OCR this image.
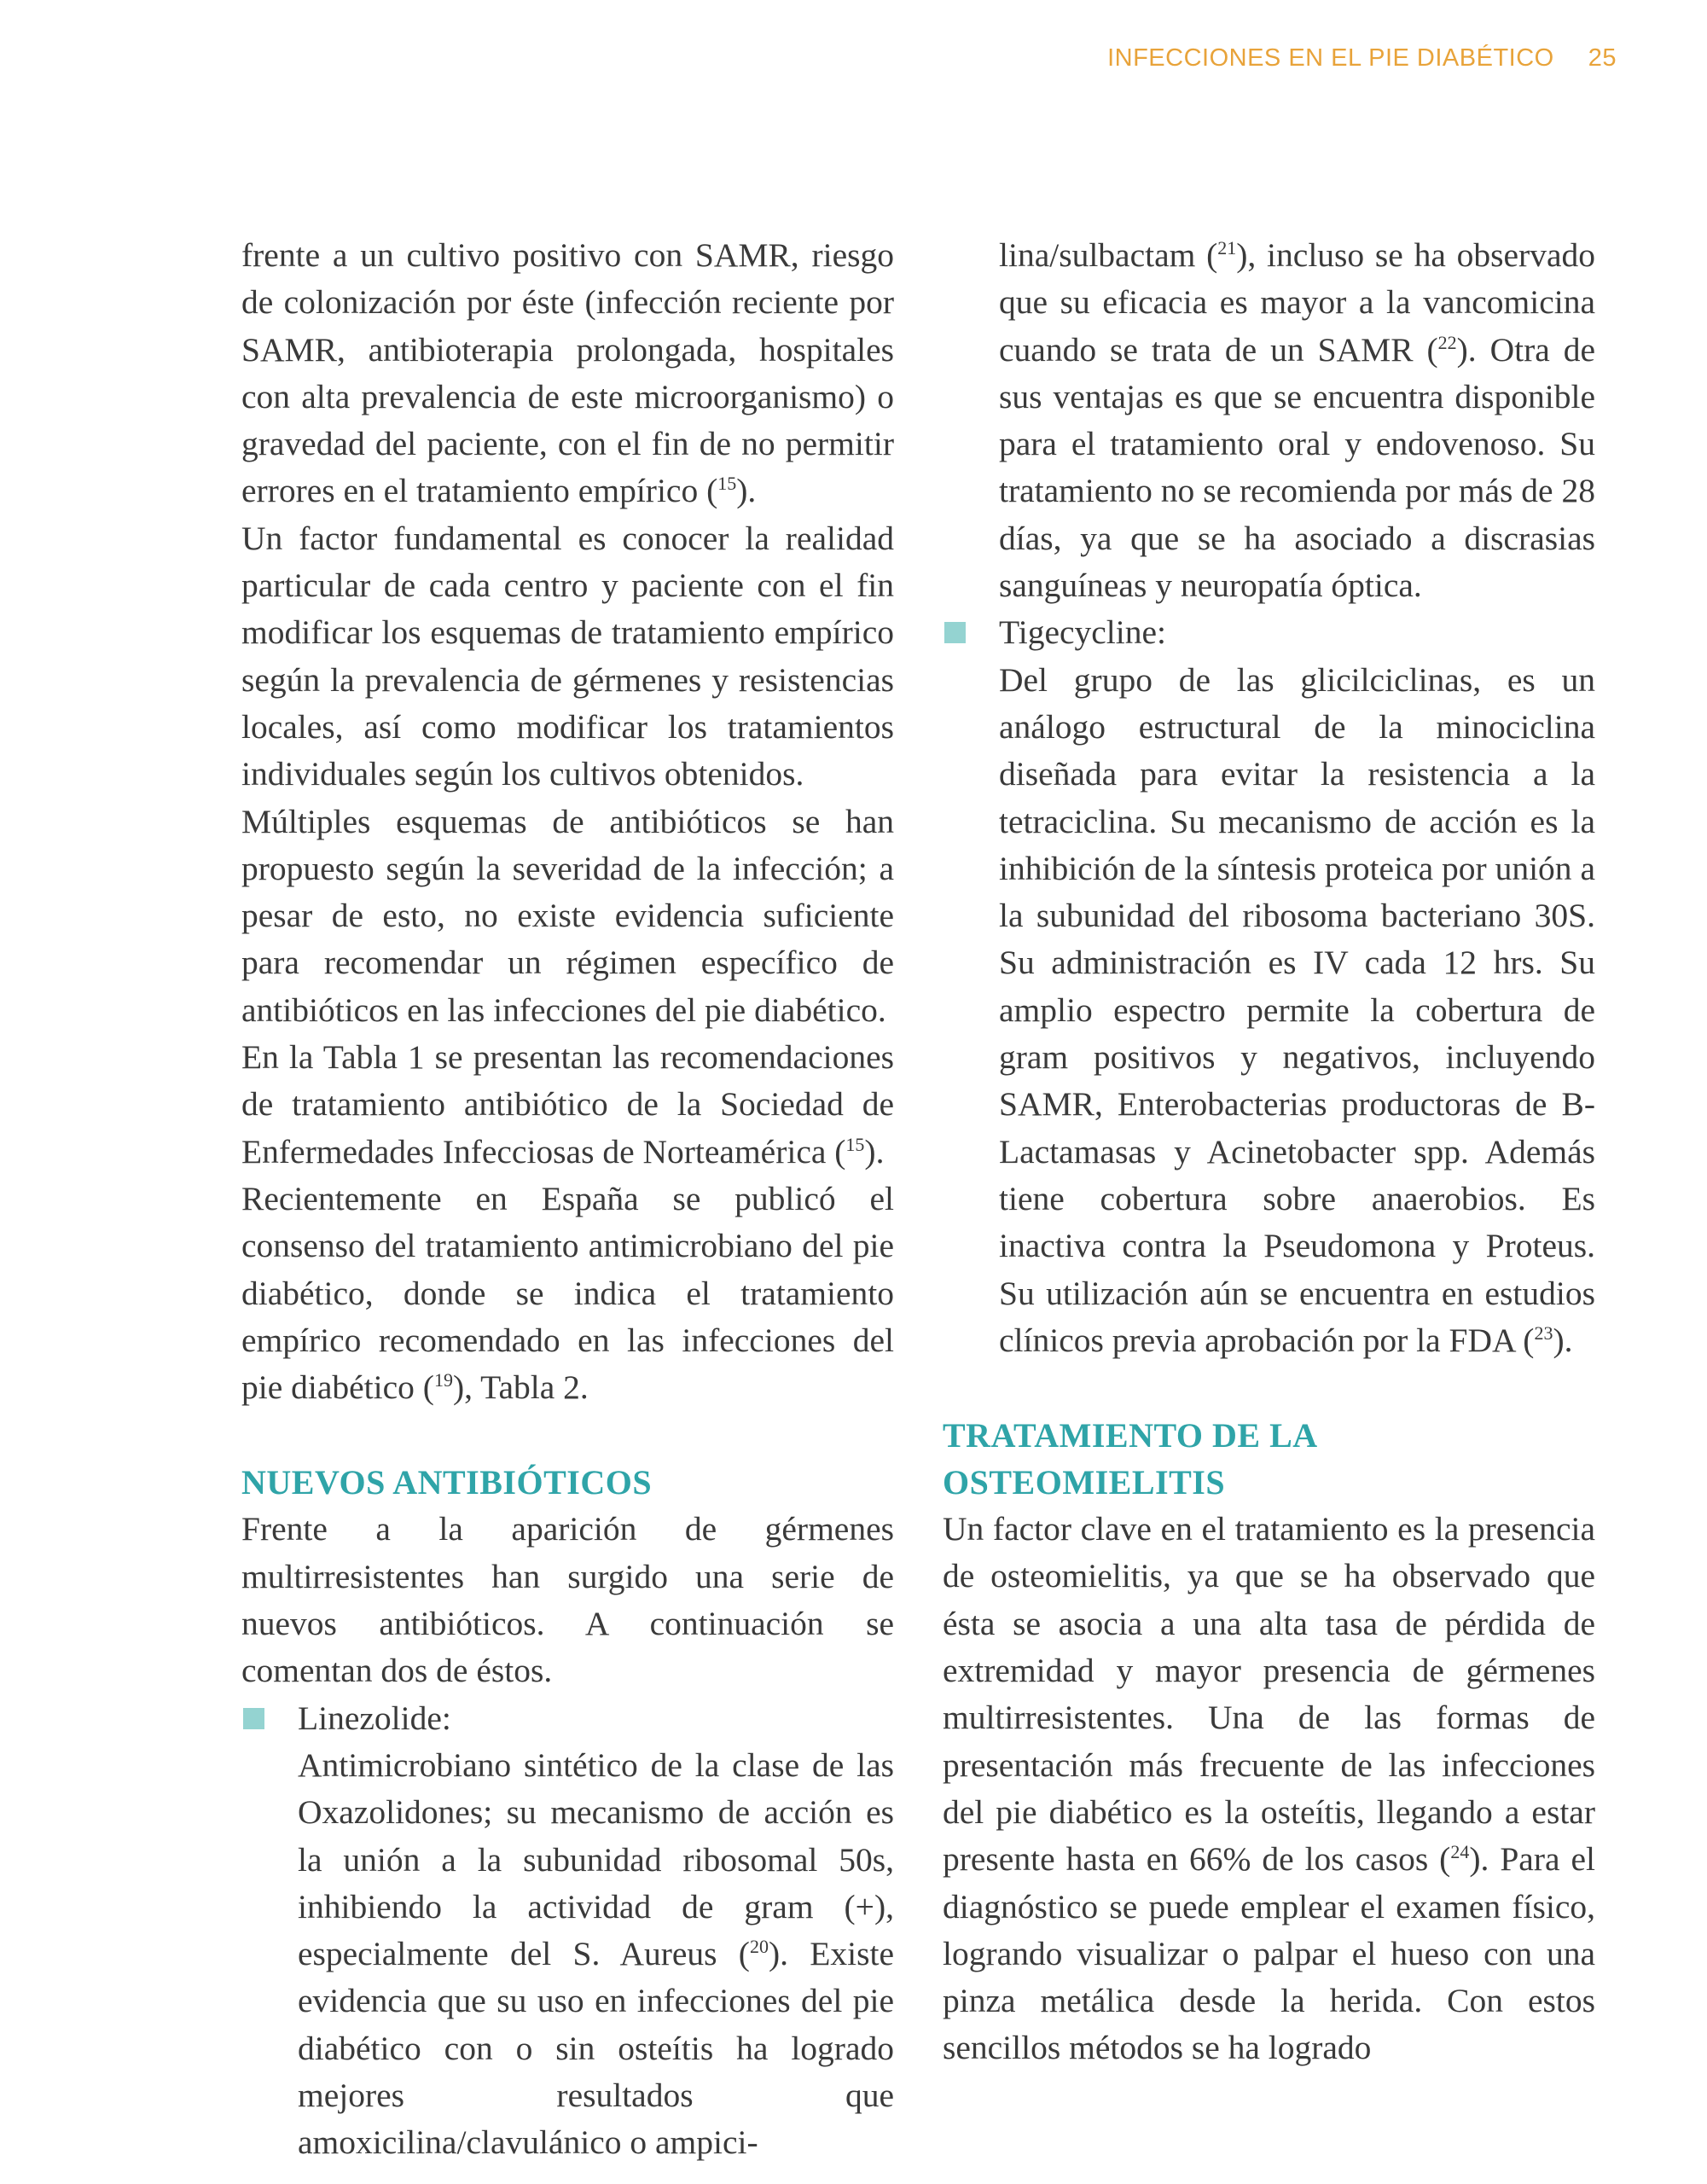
INFECCIONES EN EL PIE DIABÉTICO 25

frente a un cultivo positivo con SAMR, riesgo de colonización por éste (infección reciente por SAMR, antibioterapia prolongada, hospitales con alta prevalencia de este microorganismo) o gravedad del paciente, con el fin de no permitir errores en el tratamiento empírico ($^{15}$).

Un factor fundamental es conocer la realidad particular de cada centro y paciente con el fin modificar los esquemas de tratamiento empírico según la prevalencia de gérmenes y resistencias locales, así como modificar los tratamientos individuales según los cultivos obtenidos.

Múltiples esquemas de antibióticos se han propuesto según la severidad de la infección; a pesar de esto, no existe evidencia suficiente para recomendar un régimen específico de antibióticos en las infecciones del pie diabético.

En la Tabla 1 se presentan las recomendaciones de tratamiento antibiótico de la Sociedad de Enfermedades Infecciosas de Norteamérica ($^{15}$).

Recientemente en España se publicó el consenso del tratamiento antimicrobiano del pie diabético, donde se indica el tratamiento empírico recomendado en las infecciones del pie diabético ($^{19}$), Tabla 2.

NUEVOS ANTIBIÓTICOS

Frente a la aparición de gérmenes multirresistentes han surgido una serie de nuevos antibióticos. A continuación se comentan dos de éstos.

Linezolide:

Antimicrobiano sintético de la clase de las Oxazolidones; su mecanismo de acción es la unión a la subunidad ribosomal 50s, inhibiendo la actividad de gram (+), especialmente del S. Aureus ($^{20}$). Existe evidencia que su uso en infecciones del pie diabético con o sin osteítis ha logrado mejores resultados que amoxicilina/clavulánico o ampici-

lina/sulbactam ($^{21}$), incluso se ha observado que su eficacia es mayor a la vancomicina cuando se trata de un SAMR ($^{22}$). Otra de sus ventajas es que se encuentra disponible para el tratamiento oral y endovenoso. Su tratamiento no se recomienda por más de 28 días, ya que se ha asociado a discrasias sanguíneas y neuropatía óptica.

Tigecycline:

Del grupo de las glicilciclinas, es un análogo estructural de la minociclina diseñada para evitar la resistencia a la tetraciclina. Su mecanismo de acción es la inhibición de la síntesis proteica por unión a la subunidad del ribosoma bacteriano 30S. Su administración es IV cada 12 hrs. Su amplio espectro permite la cobertura de gram positivos y negativos, incluyendo SAMR, Enterobacterias productoras de B-Lactamasas y Acinetobacter spp. Además tiene cobertura sobre anaerobios. Es inactiva contra la Pseudomona y Proteus. Su utilización aún se encuentra en estudios clínicos previa aprobación por la FDA ($^{23}$).

TRATAMIENTO DE LA
OSTEOMIELITIS

Un factor clave en el tratamiento es la presencia de osteomielitis, ya que se ha observado que ésta se asocia a una alta tasa de pérdida de extremidad y mayor presencia de gérmenes multirresistentes. Una de las formas de presentación más frecuente de las infecciones del pie diabético es la osteítis, llegando a estar presente hasta en 66% de los casos ($^{24}$). Para el diagnóstico se puede emplear el examen físico, logrando visualizar o palpar el hueso con una pinza metálica desde la herida. Con estos sencillos métodos se ha logrado
